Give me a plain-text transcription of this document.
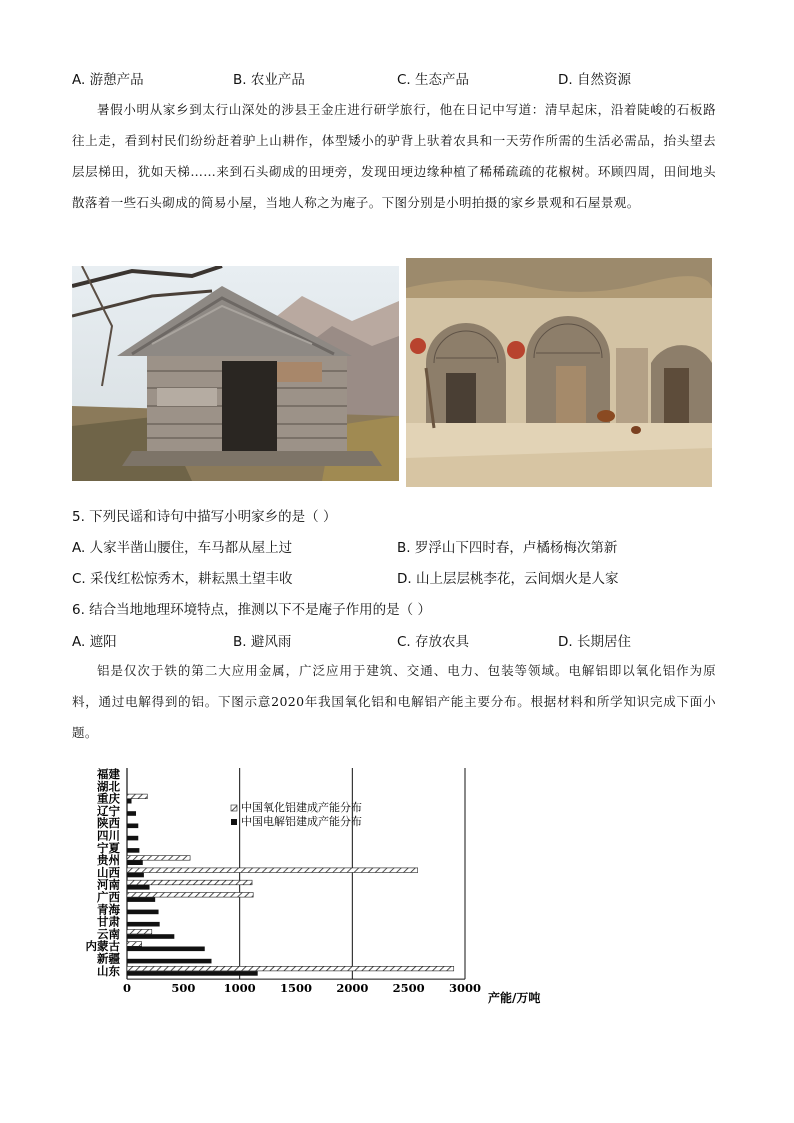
A. 游憩产品	B. 农业产品	C. 生态产品	D. 自然资源
暑假小明从家乡到太行山深处的涉县王金庄进行研学旅行，他在日记中写道：清早起床，沿着陡峻的石板路往上走，看到村民们纷纷赶着驴上山耕作，体型矮小的驴背上驮着农具和一天劳作所需的生活必需品，抬头望去层层梯田，犹如天梯……来到石头砌成的田埂旁，发现田埂边缘种植了稀稀疏疏的花椒树。环顾四周，田间地头散落着一些石头砌成的简易小屋，当地人称之为庵子。下图分别是小明拍摄的家乡景观和石屋景观。
5. 下列民谣和诗句中描写小明家乡的是（ ）
A. 人家半凿山腰住，车马都从屋上过	B. 罗浮山下四时春，卢橘杨梅次第新
C. 采伐红松惊秀木，耕耘黑土望丰收	D. 山上层层桃李花，云间烟火是人家
6. 结合当地地理环境特点，推测以下不是庵子作用的是（ ）
A. 遮阳	B. 避风雨	C. 存放农具	D. 长期居住
铝是仅次于铁的第二大应用金属，广泛应用于建筑、交通、电力、包装等领域。电解铝即以氧化铝作为原料，通过电解得到的铝。下图示意2020年我国氧化铝和电解铝产能主要分布。根据材料和所学知识完成下面小题。
福建
湖北
重庆
辽宁
陕西
四川
宁夏
贵州
山西
河南
广西
青海
甘肃
云南
内蒙古
新疆
山东
0	500 1000 1500 2000 2500 3000
中国氧化铝建成产能分布
中国电解铝建成产能分布
产能/万吨
